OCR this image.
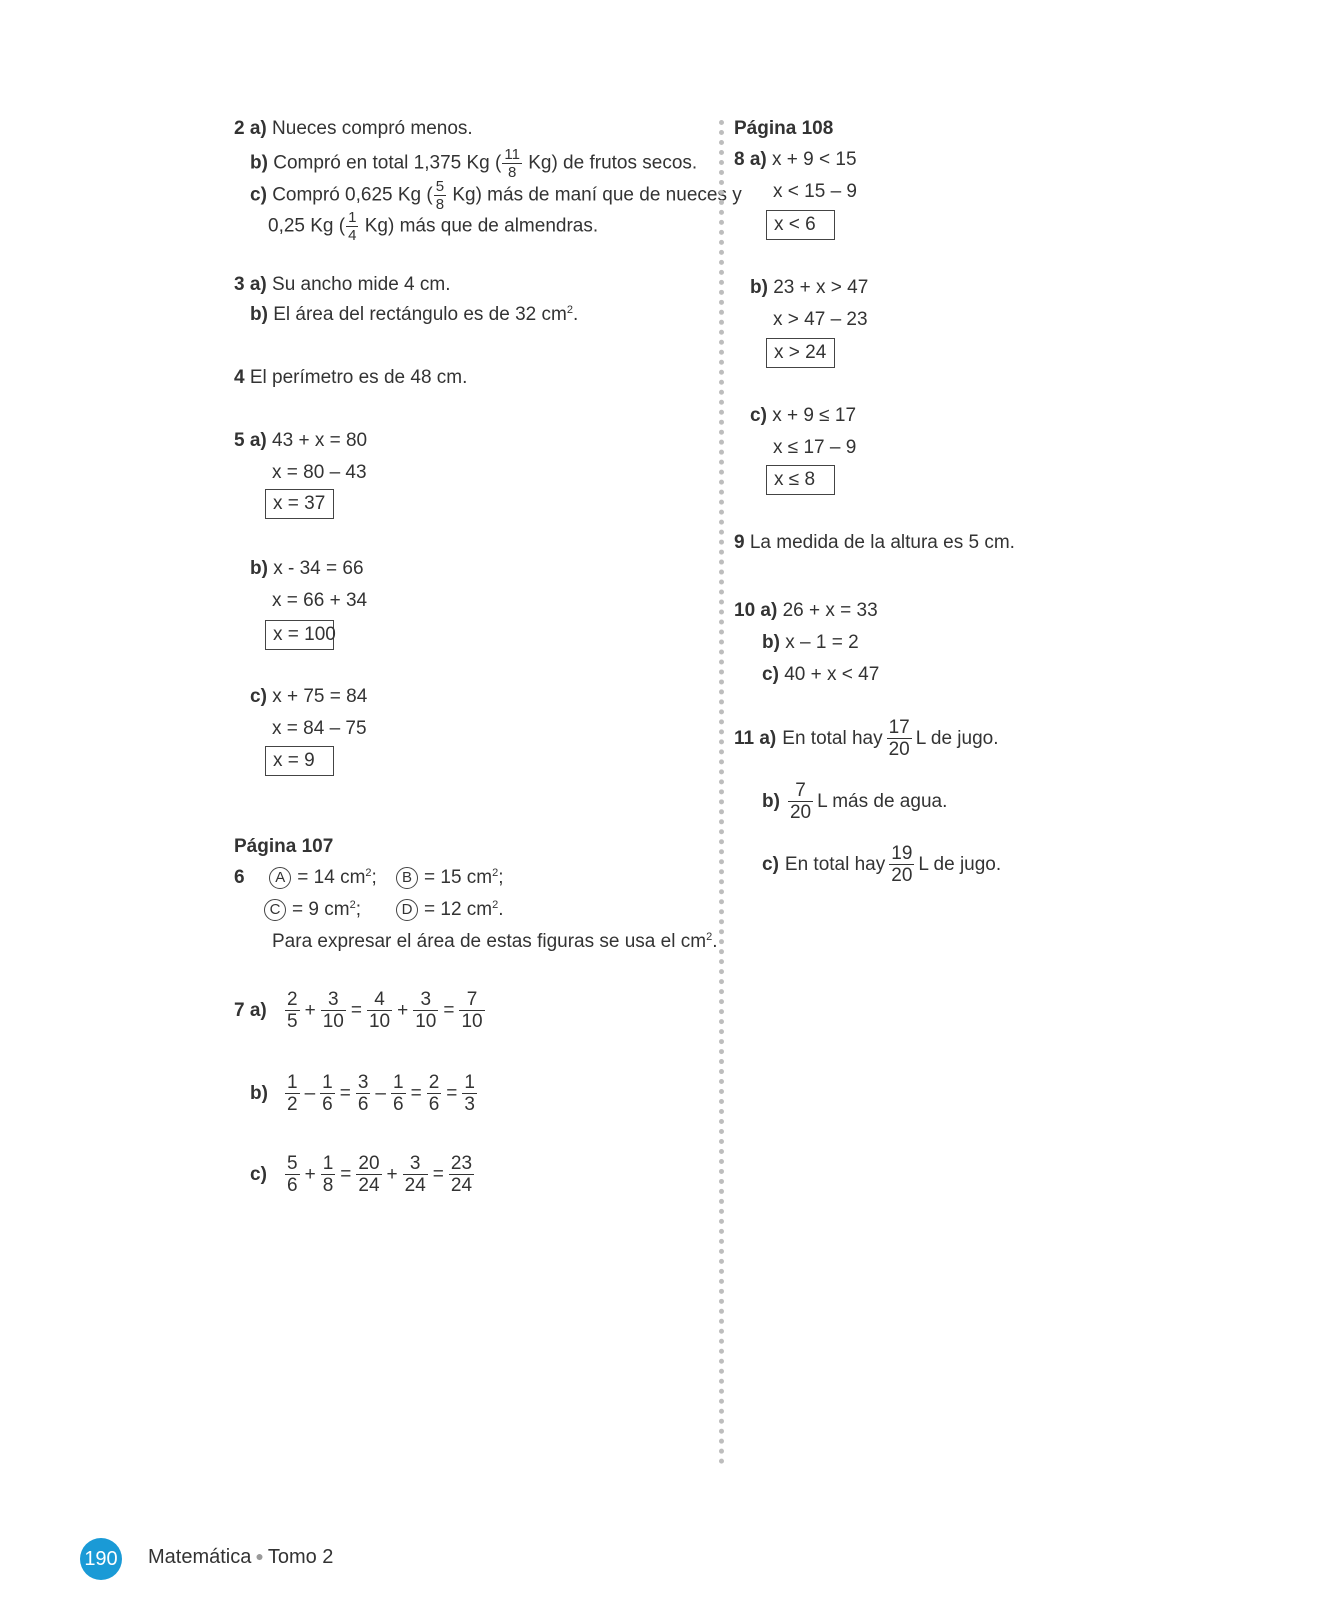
2 a) Nueces compró menos.
b) Compró en total 1,375 Kg ( $\frac{11}{8} Kg$) de frutos secos.
c) Compró 0,625 Kg ( $\frac{5}{8} Kg$) más de maní que de nueces y
0,25 Kg ( $\frac{1}{4} Kg$) más que de almendras.
3 a) Su ancho mide 4 cm.
b) El área del rectángulo es de 32 $cm^2$.
4 El perímetro es de 48 cm.
5 a) 43 + x = 80
x = 80 – 43
x = 37
b) x - 34 = 66
x = 66 + 34
x = 100
c) x + 75 = 84
x = 84 – 75
x = 9
Página 107
6 A = 14 $cm^2$;	B = 15 $cm^2$;
C = 9 $cm^2$;	D = 12 $cm^2$.
Para expresar el área de estas figuras se usa el $cm^2$.
7 $a) \frac{2}{5} + \frac{3}{10} = \frac{4}{10} + \frac{3}{10} = \frac{7}{10}$
$b) \frac{1}{2} - \frac{1}{6} = \frac{3}{6} - \frac{1}{6} = \frac{2}{6} = \frac{1}{3}$
$c) \frac{5}{6} + \frac{1}{8} = \frac{20}{24} + \frac{3}{24} = \frac{23}{24}$
Página 108
8 a) x + 9 < 15
x < 15 – 9
x < 6
b) 23 + x > 47
x > 47 – 23
x > 24
c) x + 9 ≤ 17
x ≤ 17 – 9
x ≤ 8
9 La medida de la altura es 5 cm.
10 a) 26 + x = 33
b) x – 1 = 2
c) 40 + x < 47
11 a) En total hay $\frac{17}{20}$ L de jugo.
$b) \frac{7}{20}$ L más de agua.
c) En total hay $\frac{19}{20}$ L de jugo.
190 Matemática ● Tomo 2
